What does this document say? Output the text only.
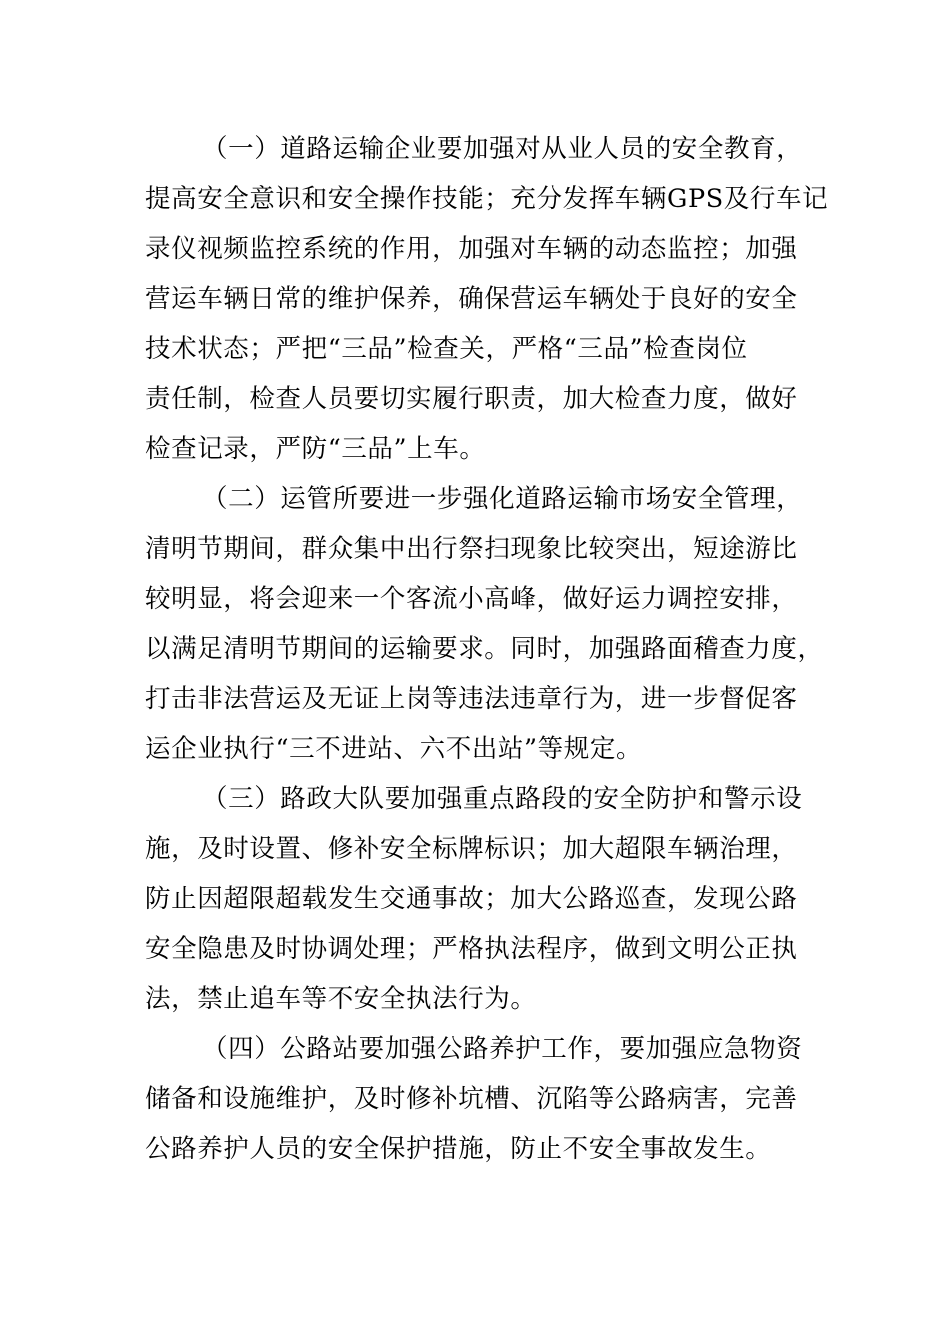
（一）道路运输企业要加强对从业人员的安全教育，
提高安全意识和安全操作技能；充分发挥车辆GPS及行车记
录仪视频监控系统的作用，加强对车辆的动态监控；加强
营运车辆日常的维护保养，确保营运车辆处于良好的安全
技术状态；严把“三品”检查关，严格“三品”检查岗位
责任制，检查人员要切实履行职责，加大检查力度，做好
检查记录，严防“三品”上车。
（二）运管所要进一步强化道路运输市场安全管理，
清明节期间，群众集中出行祭扫现象比较突出，短途游比
较明显，将会迎来一个客流小高峰，做好运力调控安排，
以满足清明节期间的运输要求。同时，加强路面稽查力度，
打击非法营运及无证上岗等违法违章行为，进一步督促客
运企业执行“三不进站、六不出站”等规定。
（三）路政大队要加强重点路段的安全防护和警示设
施，及时设置、修补安全标牌标识；加大超限车辆治理，
防止因超限超载发生交通事故；加大公路巡查，发现公路
安全隐患及时协调处理；严格执法程序，做到文明公正执
法，禁止追车等不安全执法行为。
（四）公路站要加强公路养护工作，要加强应急物资
储备和设施维护，及时修补坑槽、沉陷等公路病害，完善
公路养护人员的安全保护措施，防止不安全事故发生。
